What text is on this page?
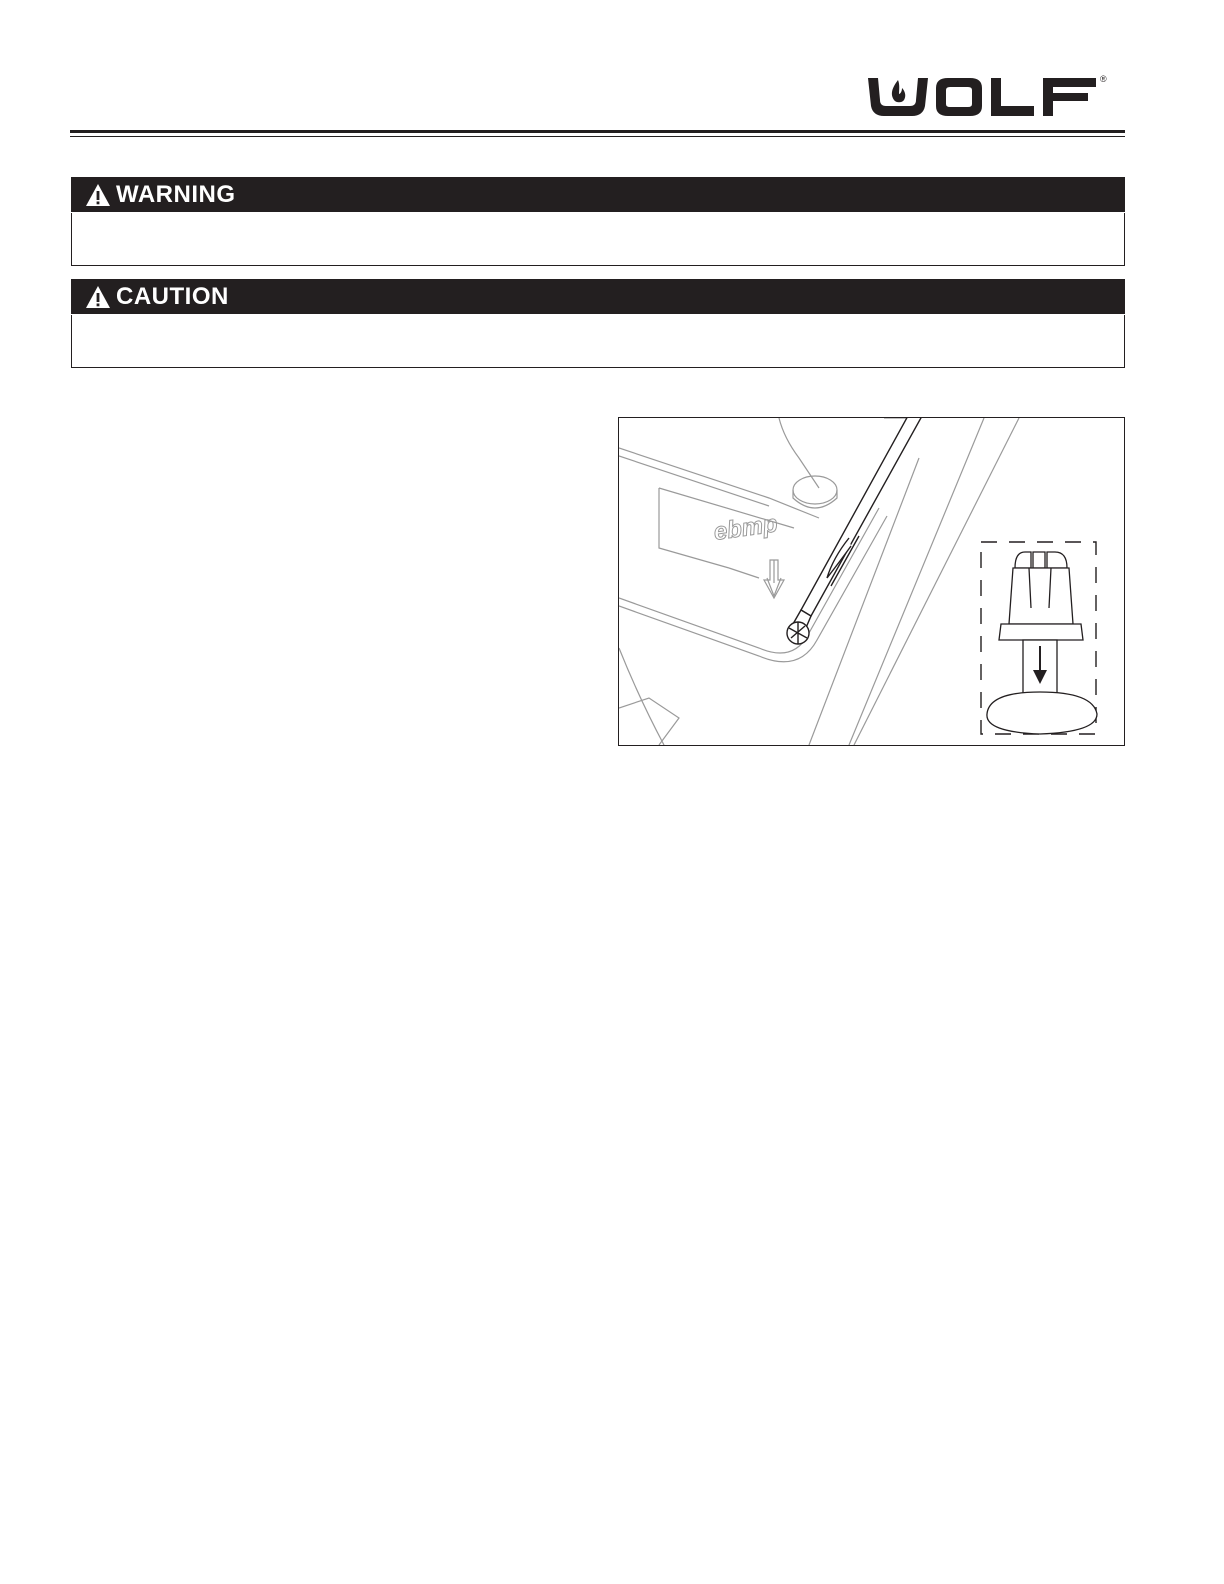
®
WARNING
CAUTION
ebmp
